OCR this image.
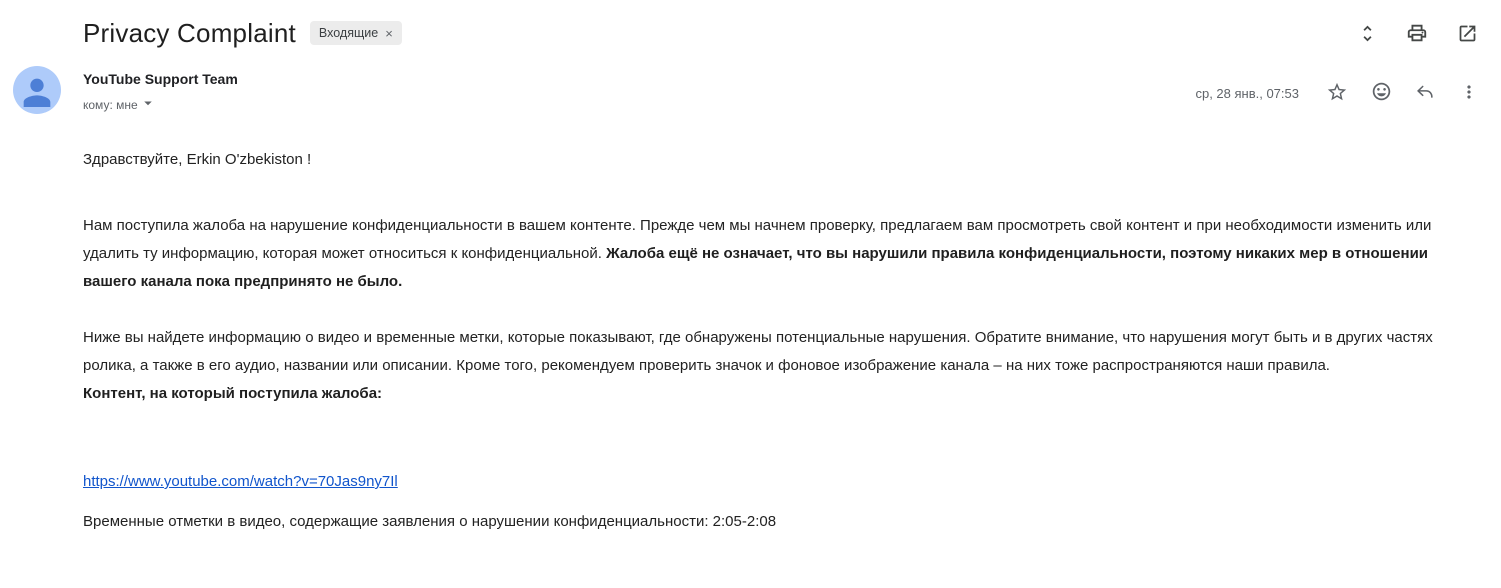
Privacy Complaint Входящие ×
YouTube Support Team
кому: мне
ср, 28 янв., 07:53
Здравствуйте, Erkin O'zbekiston !
Нам поступила жалоба на нарушение конфиденциальности в вашем контенте. Прежде чем мы начнем проверку, предлагаем вам просмотреть свой контент и при необходимости изменить или удалить ту информацию, которая может относиться к конфиденциальной. Жалоба ещё не означает, что вы нарушили правила конфиденциальности, поэтому никаких мер в отношении вашего канала пока предпринято не было.
Ниже вы найдете информацию о видео и временные метки, которые показывают, где обнаружены потенциальные нарушения. Обратите внимание, что нарушения могут быть и в других частях ролика, а также в его аудио, названии или описании. Кроме того, рекомендуем проверить значок и фоновое изображение канала – на них тоже распространяются наши правила.
Контент, на который поступила жалоба:
https://www.youtube.com/watch?v=70Jas9ny7Il
Временные отметки в видео, содержащие заявления о нарушении конфиденциальности: 2:05-2:08
